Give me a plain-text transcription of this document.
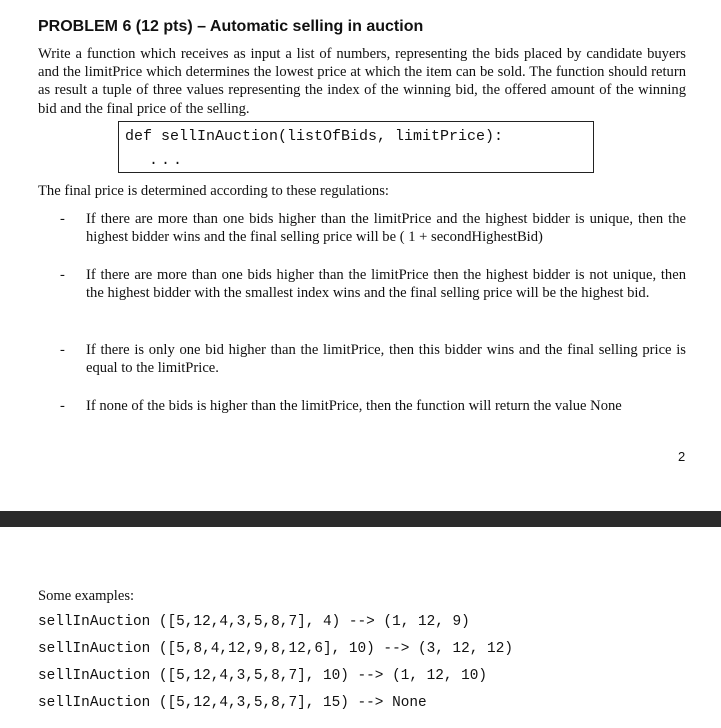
PROBLEM 6 (12 pts) – Automatic selling in auction
Write a function which receives as input a list of numbers, representing the bids placed by candidate buyers and the limitPrice which determines the lowest price at which the item can be sold. The function should return as result a tuple of three values representing the index of the winning bid, the offered amount of the winning bid and the final price of the selling.
def sellInAuction(listOfBids, limitPrice):
...
The final price is determined according to these regulations:
- If there are more than one bids higher than the limitPrice and the highest bidder is unique, then the highest bidder wins and the final selling price will be ( 1 + secondHighestBid)
- If there are more than one bids higher than the limitPrice then the highest bidder is not unique, then the highest bidder with the smallest index wins and the final selling price will be the highest bid.
- If there is only one bid higher than the limitPrice, then this bidder wins and the final selling price is equal to the limitPrice.
- If none of the bids is higher than the limitPrice, then the function will return the value None
2
Some examples:
sellInAuction ([5,12,4,3,5,8,7], 4) --> (1, 12, 9)
sellInAuction ([5,8,4,12,9,8,12,6], 10) --> (3, 12, 12)
sellInAuction ([5,12,4,3,5,8,7], 10) --> (1, 12, 10)
sellInAuction ([5,12,4,3,5,8,7], 15) --> None
